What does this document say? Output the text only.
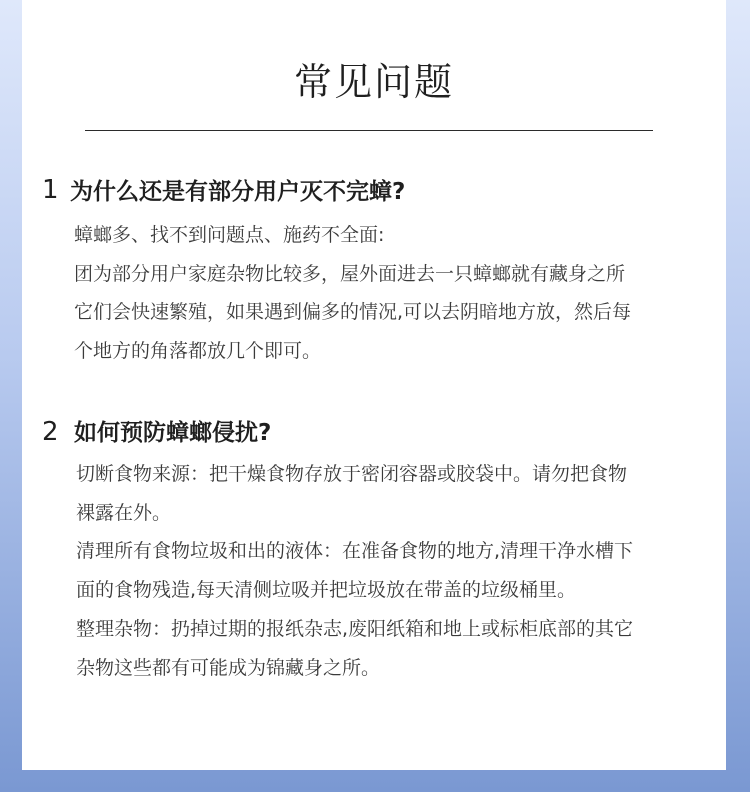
常见问题
1 为什么还是有部分用户灭不完蟑?

蟑螂多、找不到问题点、施药不全面:

团为部分用户家庭杂物比较多，屋外面进去一只蟑螂就有藏身之所

它们会快速繁殖，如果遇到偏多的情况,可以去阴暗地方放，然后每

个地方的角落都放几个即可。

2 如何预防蟑螂侵扰?

切断食物来源：把干燥食物存放于密闭容器或胶袋中。请勿把食物

裸露在外。

清理所有食物垃圾和出的液体：在准备食物的地方,清理干净水槽下

面的食物残造,每天清侧垃吸并把垃圾放在带盖的垃级桶里。

整理杂物：扔掉过期的报纸杂志,废阳纸箱和地上或标柜底部的其它

杂物这些都有可能成为锦藏身之所。
